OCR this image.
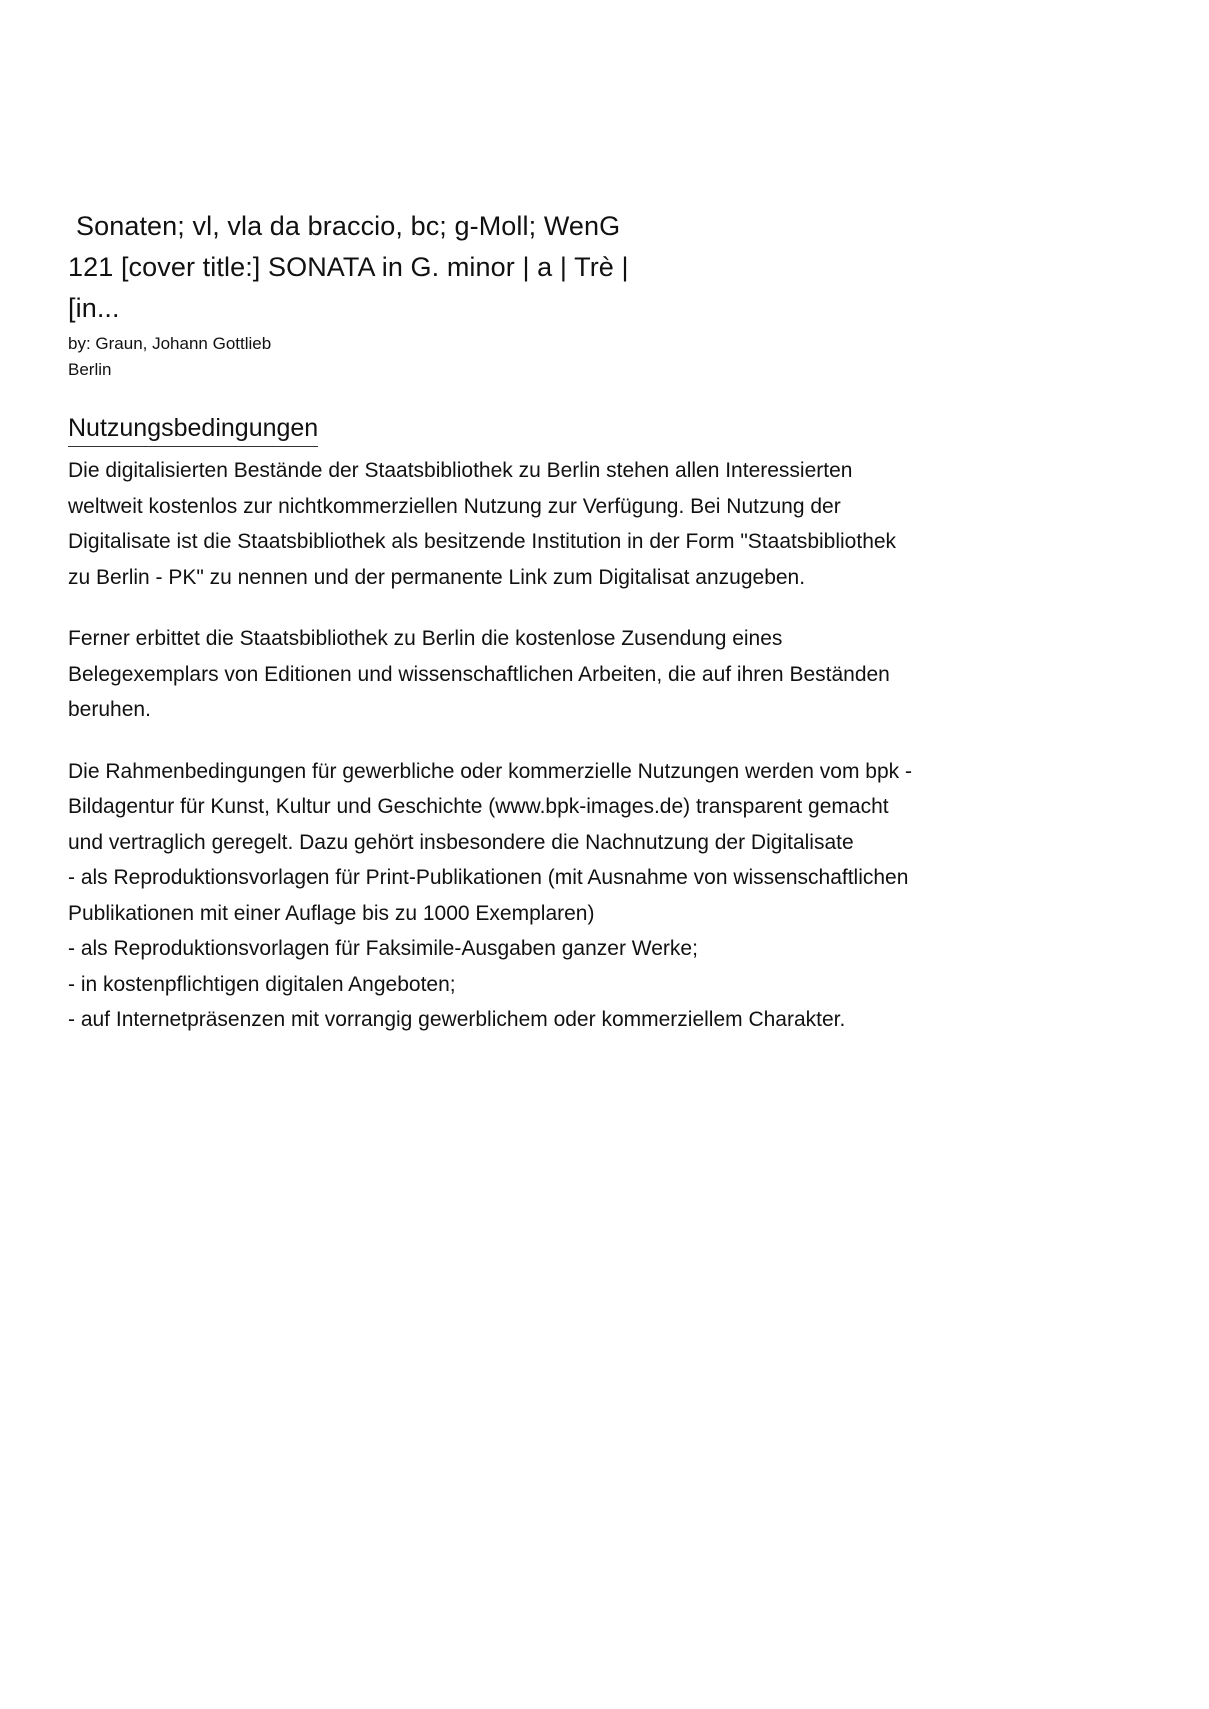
Sonaten; vl, vla da braccio, bc; g-Moll; WenG
121 [cover title:] SONATA in G. minor | a | Trè |
[in...
by: Graun, Johann Gottlieb
Berlin
Nutzungsbedingungen

Die digitalisierten Bestände der Staatsbibliothek zu Berlin stehen allen Interessierten
weltweit kostenlos zur nichtkommerziellen Nutzung zur Verfügung. Bei Nutzung der
Digitalisate ist die Staatsbibliothek als besitzende Institution in der Form "Staatsbibliothek
zu Berlin - PK" zu nennen und der permanente Link zum Digitalisat anzugeben.

Ferner erbittet die Staatsbibliothek zu Berlin die kostenlose Zusendung eines
Belegexemplars von Editionen und wissenschaftlichen Arbeiten, die auf ihren Beständen
beruhen.

Die Rahmenbedingungen für gewerbliche oder kommerzielle Nutzungen werden vom bpk -
Bildagentur für Kunst, Kultur und Geschichte (www.bpk-images.de) transparent gemacht
und vertraglich geregelt. Dazu gehört insbesondere die Nachnutzung der Digitalisate
- als Reproduktionsvorlagen für Print-Publikationen (mit Ausnahme von wissenschaftlichen
Publikationen mit einer Auflage bis zu 1000 Exemplaren)
- als Reproduktionsvorlagen für Faksimile-Ausgaben ganzer Werke;
- in kostenpflichtigen digitalen Angeboten;
- auf Internetpräsenzen mit vorrangig gewerblichem oder kommerziellem Charakter.
